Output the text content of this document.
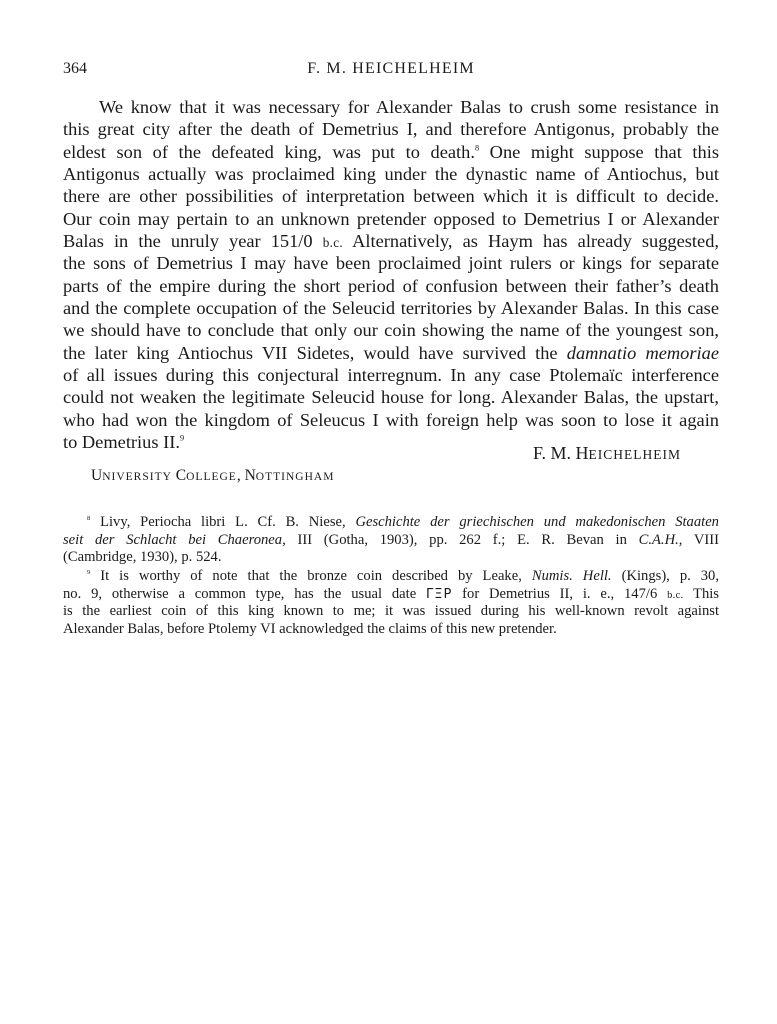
364	F. M. HEICHELHEIM
We know that it was necessary for Alexander Balas to crush some resistance in
this great city after the death of Demetrius I, and therefore Antigonus, probably the
eldest son of the defeated king, was put to death.$^8$ One might suppose that this
Antigonus actually was proclaimed king under the dynastic name of Antiochus, but
there are other possibilities of interpretation between which it is difficult to decide.
Our coin may pertain to an unknown pretender opposed to Demetrius I or Alexander
Balas in the unruly year 151/0 b.c. Alternatively, as Haym has already suggested,
the sons of Demetrius I may have been proclaimed joint rulers or kings for separate
parts of the empire during the short period of confusion between their father’s death
and the complete occupation of the Seleucid territories by Alexander Balas. In this case
we should have to conclude that only our coin showing the name of the youngest son,
the later king Antiochus VII Sidetes, would have survived the damnatio memoriae
of all issues during this conjectural interregnum. In any case Ptolemaïc interference
could not weaken the legitimate Seleucid house for long. Alexander Balas, the upstart,
who had won the kingdom of Seleucus I with foreign help was soon to lose it again
to Demetrius II.$^9$
F. M. HEICHELHEIM
UNIVERSITY COLLEGE, NOTTINGHAM
$^8$ Livy, Periocha libri L. Cf. B. Niese, Geschichte der griechischen und makedonischen Staaten
seit der Schlacht bei Chaeronea, III (Gotha, 1903), pp. 262 f.; E. R. Bevan in C.A.H., VIII
(Cambridge, 1930), p. 524.
$^9$ It is worthy of note that the bronze coin described by Leake, Numis. Hell. (Kings), p. 30,
no. 9, otherwise a common type, has the usual date ΓΞΡ for Demetrius II, i. e., 147/6 b.c. This
is the earliest coin of this king known to me; it was issued during his well-known revolt against
Alexander Balas, before Ptolemy VI acknowledged the claims of this new pretender.
